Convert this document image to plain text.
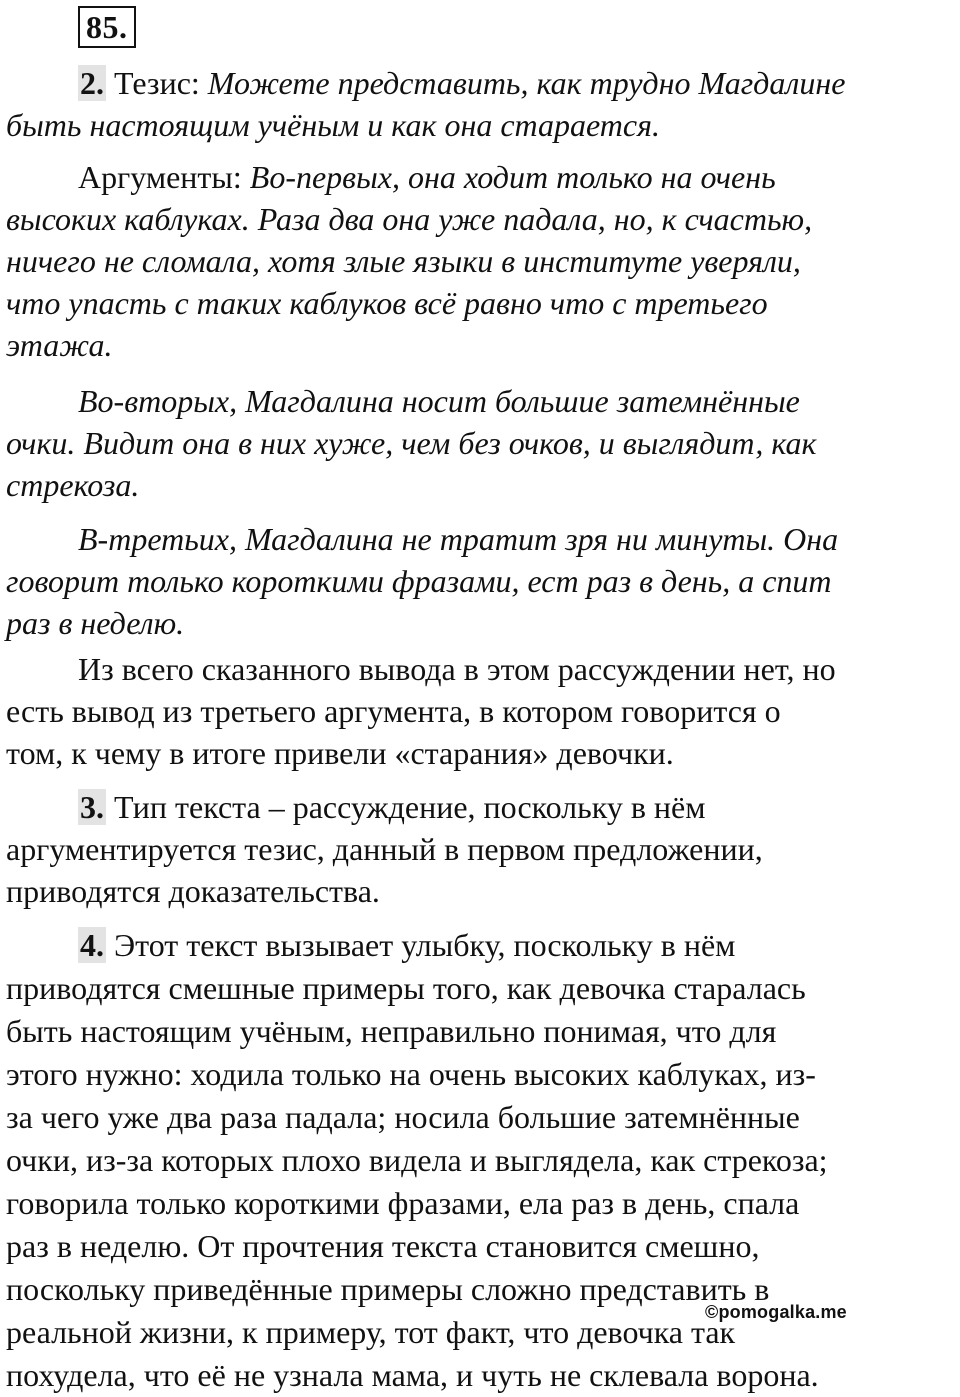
85.
2. Тезис: Можете представить, как трудно Магдалине
быть настоящим учёным и как она старается.
Аргументы: Во-первых, она ходит только на очень
высоких каблуках. Раза два она уже падала, но, к счастью,
ничего не сломала, хотя злые языки в институте уверяли,
что упасть с таких каблуков всё равно что с третьего
этажа.
Во-вторых, Магдалина носит большие затемнённые
очки. Видит она в них хуже, чем без очков, и выглядит, как
стрекоза.
В-третьих, Магдалина не тратит зря ни минуты. Она
говорит только короткими фразами, ест раз в день, а спит
раз в неделю.
Из всего сказанного вывода в этом рассуждении нет, но
есть вывод из третьего аргумента, в котором говорится о
том, к чему в итоге привели «старания» девочки.
3. Тип текста – рассуждение, поскольку в нём
аргументируется тезис, данный в первом предложении,
приводятся доказательства.
4. Этот текст вызывает улыбку, поскольку в нём
приводятся смешные примеры того, как девочка старалась
быть настоящим учёным, неправильно понимая, что для
этого нужно: ходила только на очень высоких каблуках, из-
за чего уже два раза падала; носила большие затемнённые
очки, из-за которых плохо видела и выглядела, как стрекоза;
говорила только короткими фразами, ела раз в день, спала
раз в неделю. От прочтения текста становится смешно,
поскольку приведённые примеры сложно представить в
реальной жизни, к примеру, тот факт, что девочка так
похудела, что её не узнала мама, и чуть не склевала ворона.
©pomogalka.me
